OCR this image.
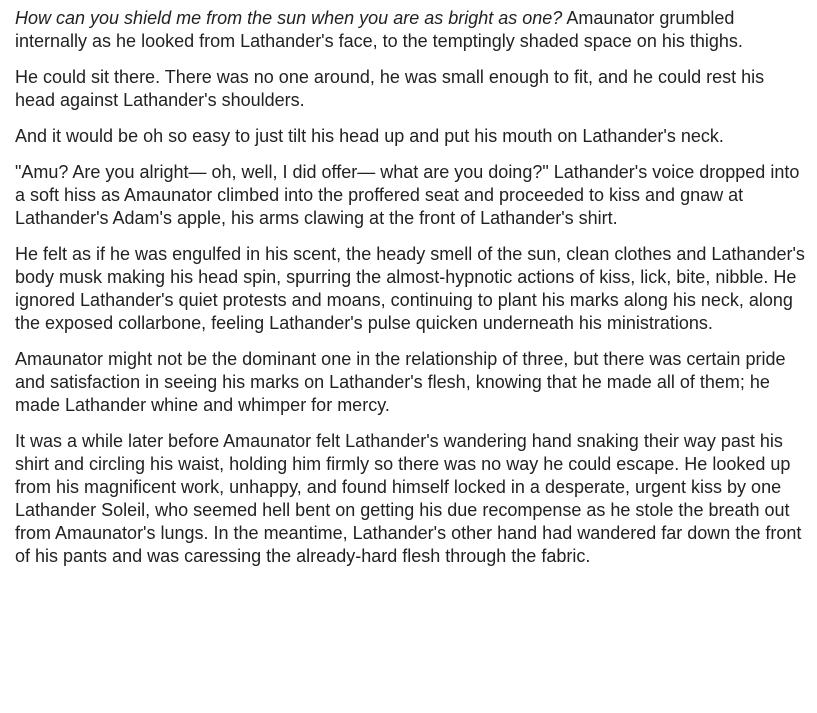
How can you shield me from the sun when you are as bright as one? Amaunator grumbled internally as he looked from Lathander's face, to the temptingly shaded space on his thighs.

He could sit there. There was no one around, he was small enough to fit, and he could rest his head against Lathander's shoulders.

And it would be oh so easy to just tilt his head up and put his mouth on Lathander's neck.

"Amu? Are you alright— oh, well, I did offer— what are you doing?" Lathander's voice dropped into a soft hiss as Amaunator climbed into the proffered seat and proceeded to kiss and gnaw at Lathander's Adam's apple, his arms clawing at the front of Lathander's shirt.

He felt as if he was engulfed in his scent, the heady smell of the sun, clean clothes and Lathander's body musk making his head spin, spurring the almost-hypnotic actions of kiss, lick, bite, nibble. He ignored Lathander's quiet protests and moans, continuing to plant his marks along his neck, along the exposed collarbone, feeling Lathander's pulse quicken underneath his ministrations.

Amaunator might not be the dominant one in the relationship of three, but there was certain pride and satisfaction in seeing his marks on Lathander's flesh, knowing that he made all of them; he made Lathander whine and whimper for mercy.

It was a while later before Amaunator felt Lathander's wandering hand snaking their way past his shirt and circling his waist, holding him firmly so there was no way he could escape. He looked up from his magnificent work, unhappy, and found himself locked in a desperate, urgent kiss by one Lathander Soleil, who seemed hell bent on getting his due recompense as he stole the breath out from Amaunator's lungs. In the meantime, Lathander's other hand had wandered far down the front of his pants and was caressing the already-hard flesh through the fabric.
